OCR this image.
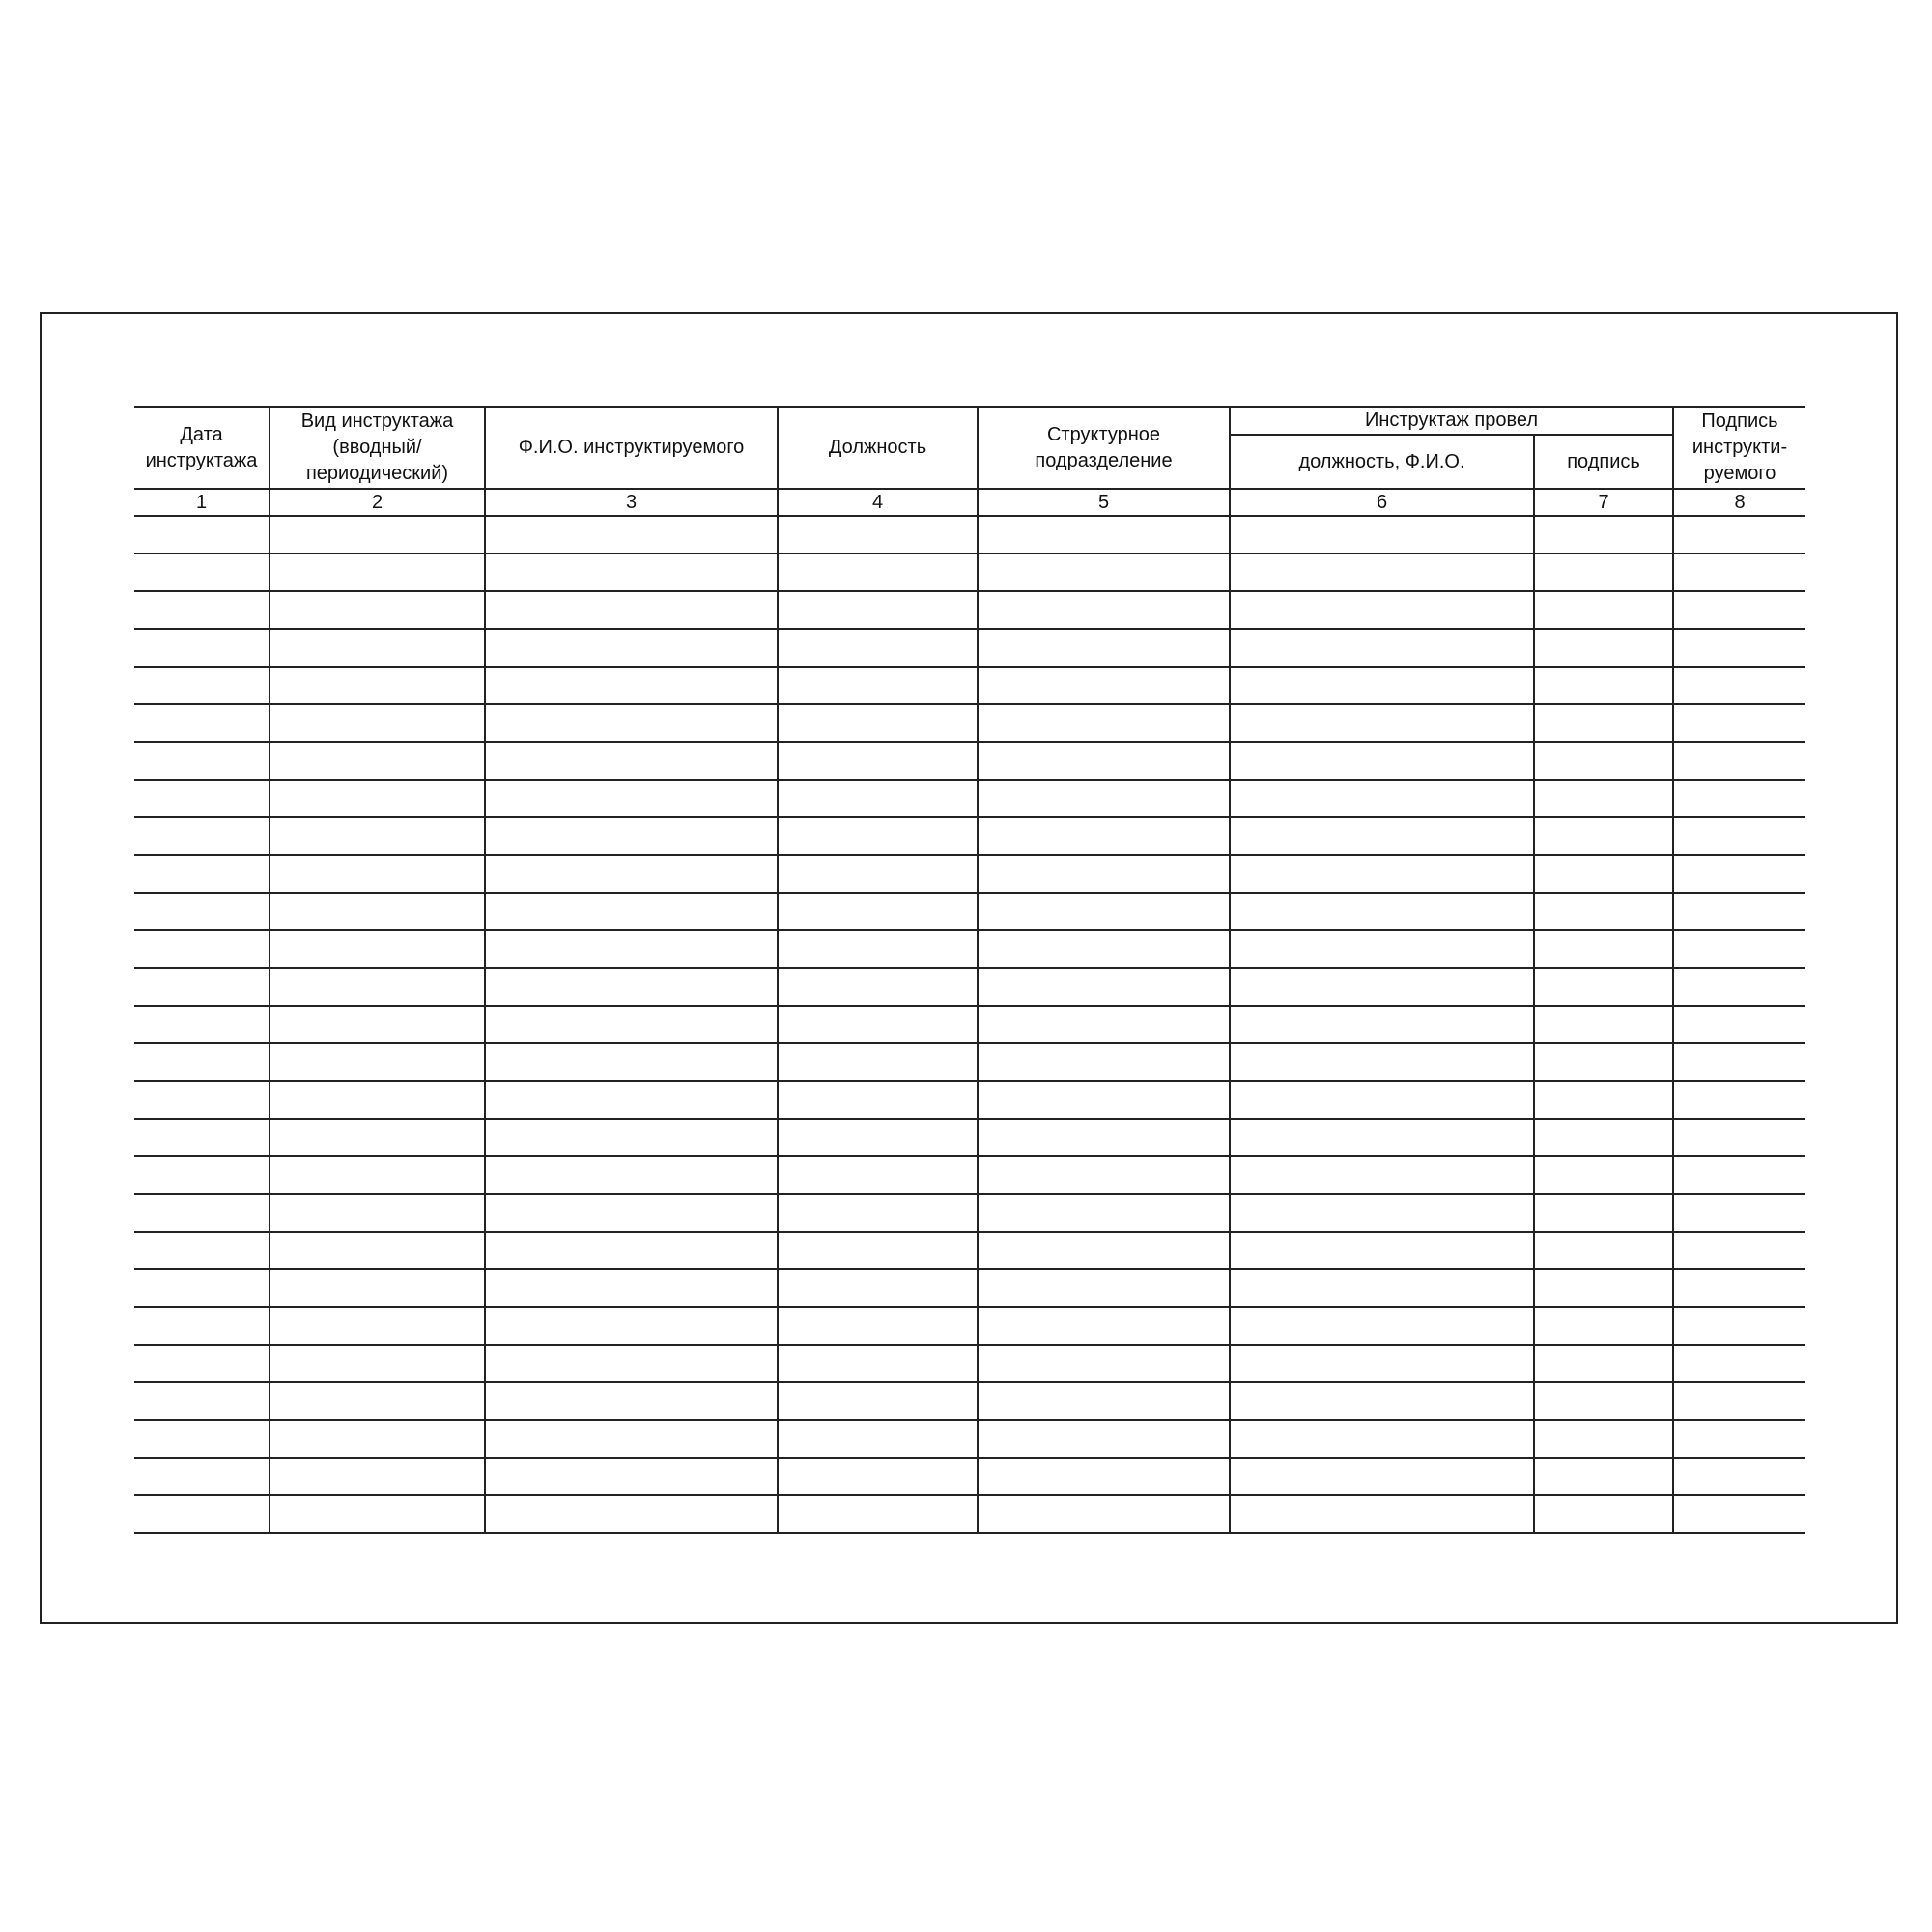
Дата инструктажа	Вид инструктажа (вводный/ периодический)	Ф.И.О. инструктируемого	Должность	Структурное подразделение	Инструктаж провел		Подпись инструкти-руемого
					должность, Ф.И.О.	подпись	
1	2	3	4	5	6	7	8
